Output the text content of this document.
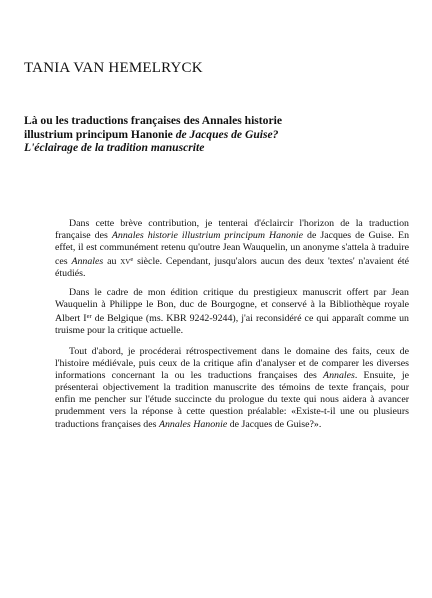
TANIA VAN HEMELRYCK
Là ou les traductions françaises des Annales historie
illustrium principum Hanonie de Jacques de Guise?
L'éclairage de la tradition manuscrite

Dans cette brève contribution, je tenterai d'éclaircir l'horizon de la traduction française des Annales historie illustrium principum Hanonie de Jacques de Guise. En effet, il est communément retenu qu'outre Jean Wauquelin, un anonyme s'attela à traduire ces Annales au $xv^e$ siècle. Cependant, jusqu'alors aucun des deux 'textes' n'avaient été étudiés.

Dans le cadre de mon édition critique du prestigieux manuscrit offert par Jean Wauquelin à Philippe le Bon, duc de Bourgogne, et conservé à la Bibliothèque royale Albert Ier de Belgique (ms. KBR 9242-9244), j'ai reconsidéré ce qui apparaît comme un truisme pour la critique actuelle.

Tout d'abord, je procéderai rétrospectivement dans le domaine des faits, ceux de l'histoire médiévale, puis ceux de la critique afin d'analyser et de comparer les diverses informations concernant la ou les traductions françaises des Annales. Ensuite, je présenterai objectivement la tradition manuscrite des témoins de texte français, pour enfin me pencher sur l'étude succincte du prologue du texte qui nous aidera à avancer prudemment vers la réponse à cette question préalable: «Existe-t-il une ou plusieurs traductions françaises des Annales Hanonie de Jacques de Guise?».
